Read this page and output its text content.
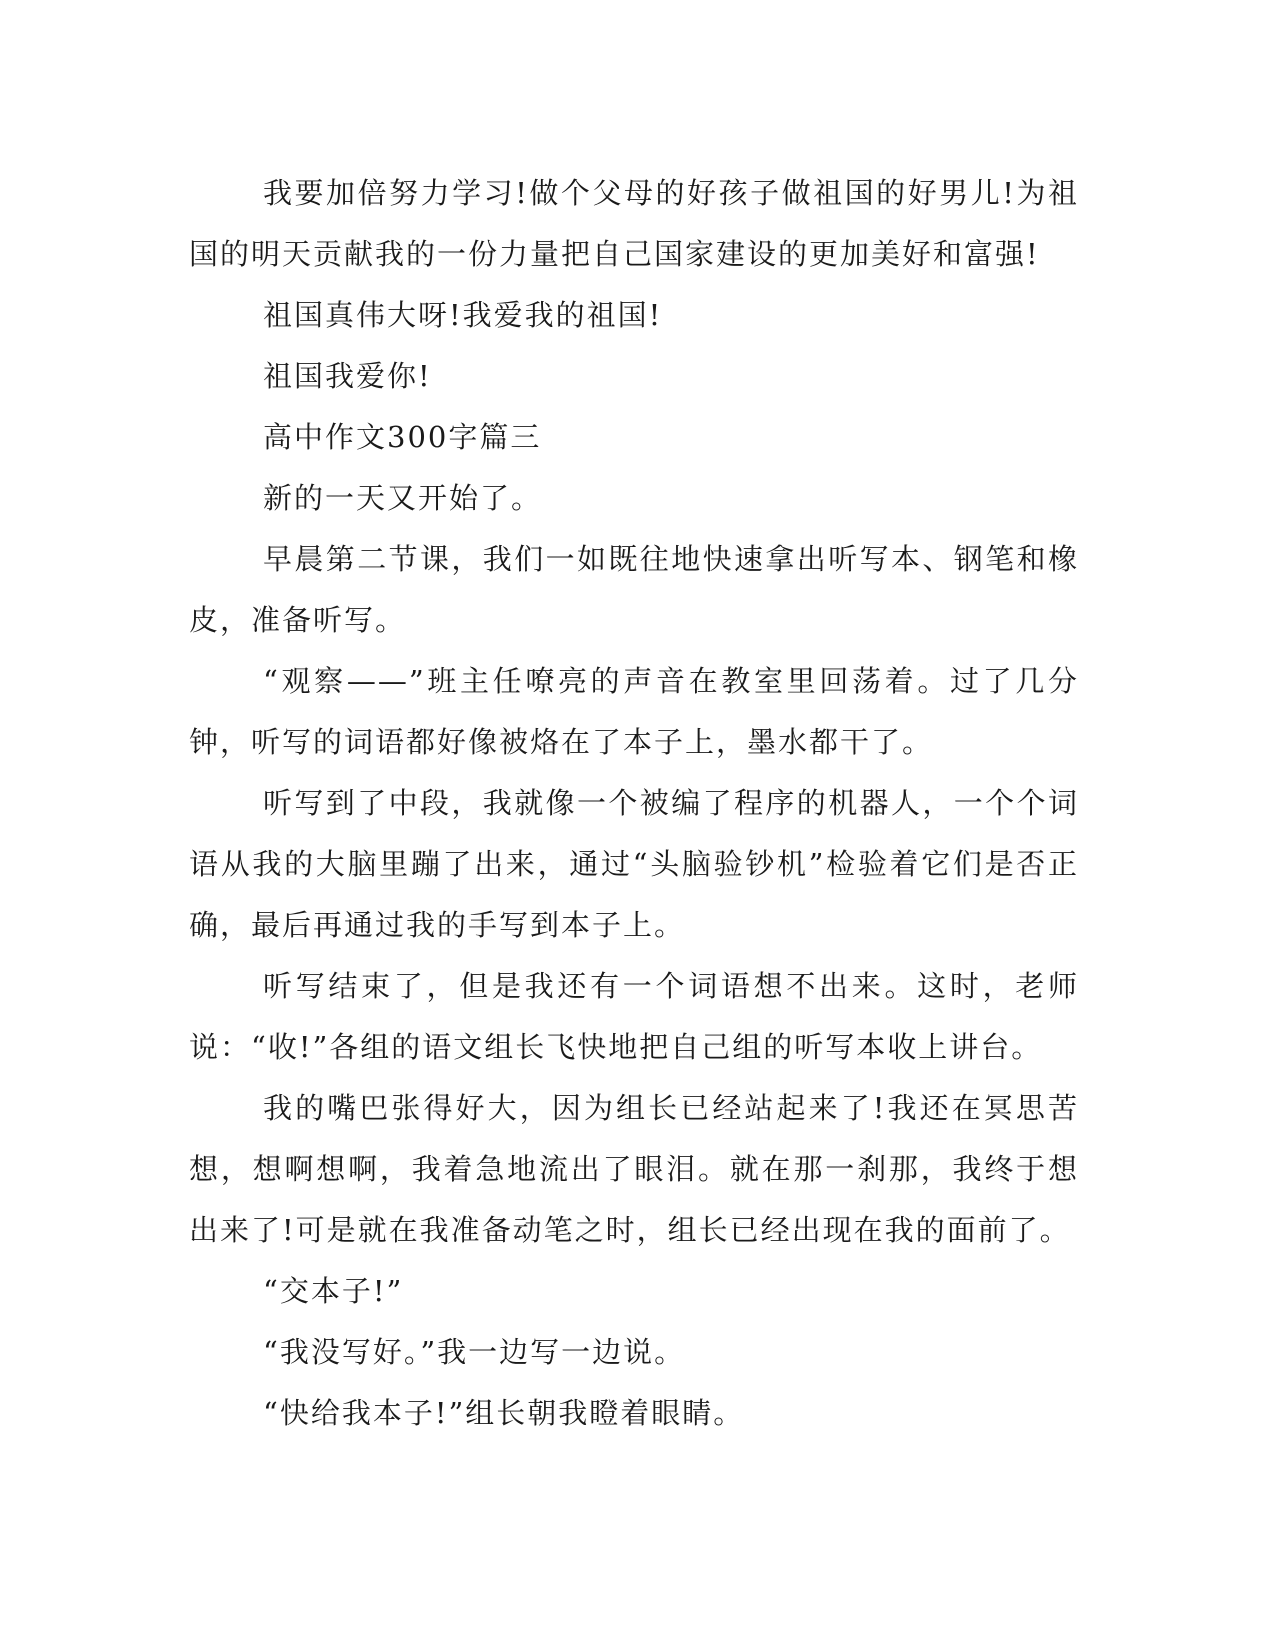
我要加倍努力学习!做个父母的好孩子做祖国的好男儿!为祖国的明天贡献我的一份力量把自己国家建设的更加美好和富强!

祖国真伟大呀!我爱我的祖国!

祖国我爱你!

高中作文300字篇三

新的一天又开始了。

早晨第二节课，我们一如既往地快速拿出听写本、钢笔和橡皮，准备听写。

“观察——”班主任嘹亮的声音在教室里回荡着。过了几分钟，听写的词语都好像被烙在了本子上，墨水都干了。

听写到了中段，我就像一个被编了程序的机器人，一个个词语从我的大脑里蹦了出来，通过“头脑验钞机”检验着它们是否正确，最后再通过我的手写到本子上。

听写结束了，但是我还有一个词语想不出来。这时，老师说：“收!”各组的语文组长飞快地把自己组的听写本收上讲台。

我的嘴巴张得好大，因为组长已经站起来了!我还在冥思苦想，想啊想啊，我着急地流出了眼泪。就在那一刹那，我终于想出来了!可是就在我准备动笔之时，组长已经出现在我的面前了。

“交本子!”

“我没写好。”我一边写一边说。

“快给我本子!”组长朝我瞪着眼睛。
